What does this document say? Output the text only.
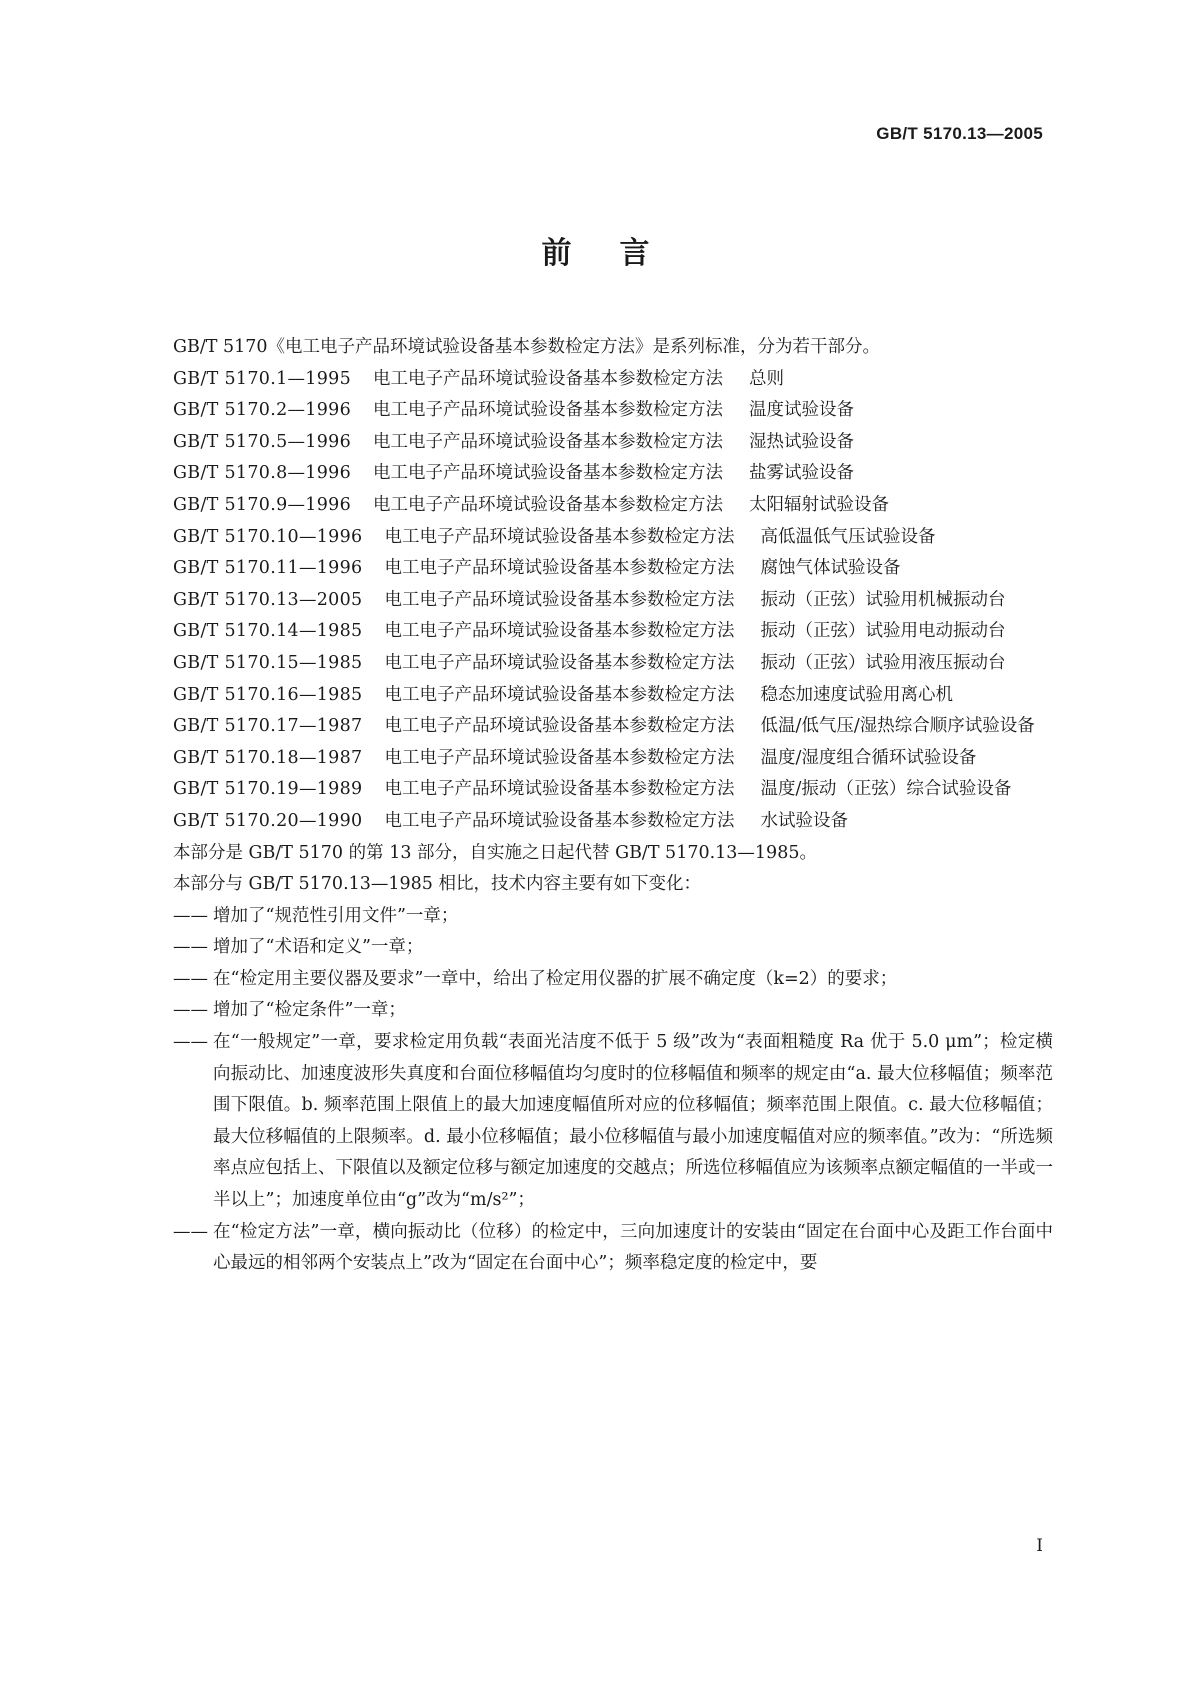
GB/T 5170.13—2005
前 言
GB/T 5170《电工电子产品环境试验设备基本参数检定方法》是系列标准，分为若干部分。
GB/T 5170.1—1995 电工电子产品环境试验设备基本参数检定方法 总则
GB/T 5170.2—1996 电工电子产品环境试验设备基本参数检定方法 温度试验设备
GB/T 5170.5—1996 电工电子产品环境试验设备基本参数检定方法 湿热试验设备
GB/T 5170.8—1996 电工电子产品环境试验设备基本参数检定方法 盐雾试验设备
GB/T 5170.9—1996 电工电子产品环境试验设备基本参数检定方法 太阳辐射试验设备
GB/T 5170.10—1996 电工电子产品环境试验设备基本参数检定方法 高低温低气压试验设备
GB/T 5170.11—1996 电工电子产品环境试验设备基本参数检定方法 腐蚀气体试验设备
GB/T 5170.13—2005 电工电子产品环境试验设备基本参数检定方法 振动（正弦）试验用机械振动台
GB/T 5170.14—1985 电工电子产品环境试验设备基本参数检定方法 振动（正弦）试验用电动振动台
GB/T 5170.15—1985 电工电子产品环境试验设备基本参数检定方法 振动（正弦）试验用液压振动台
GB/T 5170.16—1985 电工电子产品环境试验设备基本参数检定方法 稳态加速度试验用离心机
GB/T 5170.17—1987 电工电子产品环境试验设备基本参数检定方法 低温/低气压/湿热综合顺序试验设备
GB/T 5170.18—1987 电工电子产品环境试验设备基本参数检定方法 温度/湿度组合循环试验设备
GB/T 5170.19—1989 电工电子产品环境试验设备基本参数检定方法 温度/振动（正弦）综合试验设备
GB/T 5170.20—1990 电工电子产品环境试验设备基本参数检定方法 水试验设备
本部分是 GB/T 5170 的第 13 部分，自实施之日起代替 GB/T 5170.13—1985。
本部分与 GB/T 5170.13—1985 相比，技术内容主要有如下变化：
—— 增加了“规范性引用文件”一章；
—— 增加了“术语和定义”一章；
—— 在“检定用主要仪器及要求”一章中，给出了检定用仪器的扩展不确定度（k=2）的要求；
—— 增加了“检定条件”一章；
—— 在“一般规定”一章，要求检定用负载“表面光洁度不低于 5 级”改为“表面粗糙度 Ra 优于 5.0 μm”；检定横向振动比、加速度波形失真度和台面位移幅值均匀度时的位移幅值和频率的规定由“a. 最大位移幅值；频率范围下限值。b. 频率范围上限值上的最大加速度幅值所对应的位移幅值；频率范围上限值。c. 最大位移幅值；最大位移幅值的上限频率。d. 最小位移幅值；最小位移幅值与最小加速度幅值对应的频率值。”改为：“所选频率点应包括上、下限值以及额定位移与额定加速度的交越点；所选位移幅值应为该频率点额定幅值的一半或一半以上”；加速度单位由“g”改为“m/s²”；
—— 在“检定方法”一章，横向振动比（位移）的检定中，三向加速度计的安装由“固定在台面中心及距工作台面中心最远的相邻两个安装点上”改为“固定在台面中心”；频率稳定度的检定中，要
I
